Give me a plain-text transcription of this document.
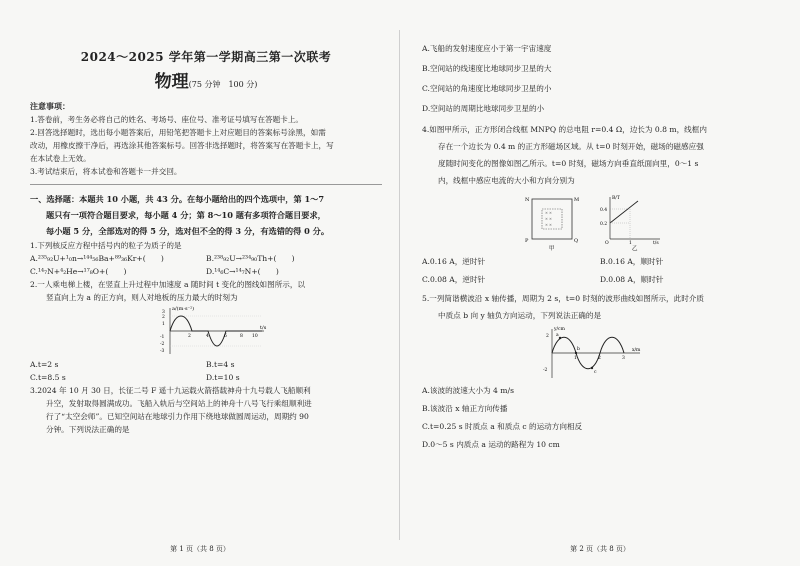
2024～2025 学年第一学期高三第一次联考

物理(75 分钟　100 分)

注意事项：

1.答卷前，考生务必将自己的姓名、考场号、座位号、准考证号填写在答题卡上。

2.回答选择题时，选出每小题答案后，用铅笔把答题卡上对应题目的答案标号涂黑，如需

改动，用橡皮擦干净后，再选涂其他答案标号。回答非选择题时，将答案写在答题卡上，写

在本试卷上无效。

3.考试结束后，将本试卷和答题卡一并交回。

一、选择题：本题共 10 小题，共 43 分。在每小题给出的四个选项中，第 1～7

题只有一项符合题目要求，每小题 4 分；第 8～10 题有多项符合题目要求，

每小题 5 分，全部选对的得 5 分，选对但不全的得 3 分，有选错的得 0 分。

1.下列核反应方程中括号内的粒子为质子的是

A.²³⁵₉₂U+¹₀n→¹⁴⁴₅₆Ba+⁸⁹₃₆Kr+(　　)	B.²³⁸₉₂U→²³⁴₉₀Th+(　　)
C.¹⁴₇N+⁴₂He→¹⁷₈O+(　　)	D.¹⁴₆C→¹⁴₇N+(　　)

2.一人乘电梯上楼，在竖直上升过程中加速度 a 随时间 t 变化的图线如图所示，以

竖直向上为 a 的正方向，则人对地板的压力最大的时刻为

a/(m·s⁻²)
t/s
3
2
1
-1
-2
-3
2	4	6	8 10
A.t=2 s	B.t=4 s
C.t=8.5 s	D.t=10 s

3.2024 年 10 月 30 日，长征二号 F 遥十九运载火箭搭载神舟十九号载人飞船顺利

升空，发射取得圆满成功。飞船入轨后与空间站上的神舟十八号飞行乘组顺利进

行了“太空会师”。已知空间站在地球引力作用下绕地球做圆周运动，周期约 90

分钟。下列说法正确的是

第 1 页（共 8 页）

A.飞船的发射速度应小于第一宇宙速度

B.空间站的线速度比地球同步卫星的大

C.空间站的角速度比地球同步卫星的小

D.空间站的周期比地球同步卫星的小

4.如图甲所示，正方形闭合线框 MNPQ 的总电阻 r=0.4 Ω，边长为 0.8 m，线框内

存在一个边长为 0.4 m 的正方形磁场区域。从 t=0 时刻开始，磁场的磁感应强

度随时间变化的图像如图乙所示。t=0 时刻，磁场方向垂直纸面向里，0～1 s

内，线框中感应电流的大小和方向分别为

× ×
× ×
× ×
N	M
P	Q
甲
B/T
t/s
0.4
0.2
1
O
乙
A.0.16 A，逆时针	B.0.16 A，顺时针
C.0.08 A，逆时针	D.0.08 A，顺时针

5.一列简谐横波沿 x 轴传播，周期为 2 s，t=0 时刻的波形曲线如图所示，此时介质

中质点 b 向 y 轴负方向运动，下列说法正确的是

a
b
c
y/cm
x/m
2
-2
1	2	3

A.该波的波速大小为 4 m/s

B.该波沿 x 轴正方向传播

C.t=0.25 s 时质点 a 和质点 c 的运动方向相反

D.0～5 s 内质点 a 运动的路程为 10 cm

第 2 页（共 8 页）
